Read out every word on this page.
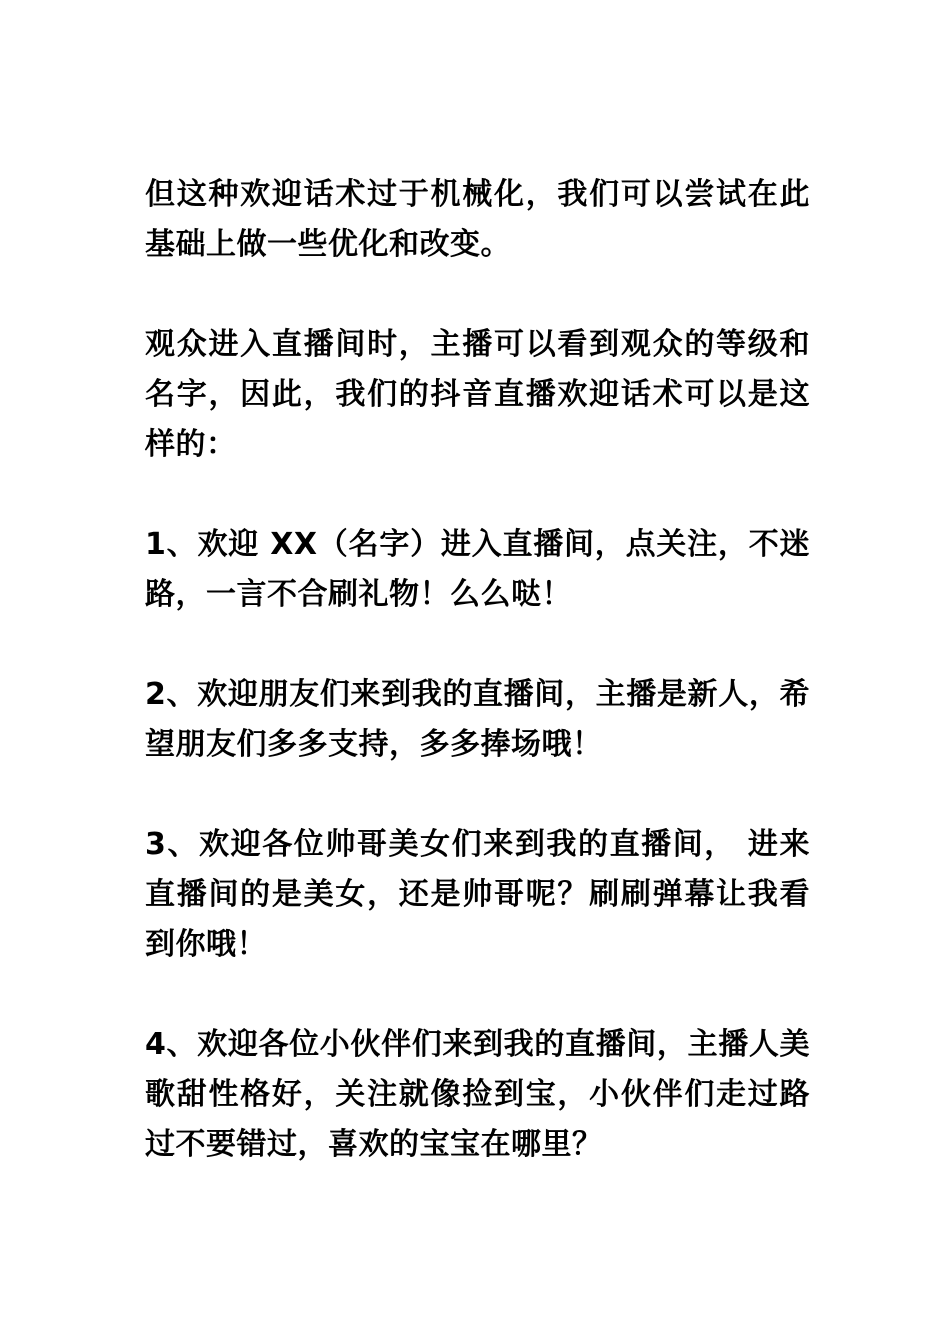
但这种欢迎话术过于机械化，我们可以尝试在此基础上做一些优化和改变。

观众进入直播间时，主播可以看到观众的等级和名字，因此，我们的抖音直播欢迎话术可以是这样的：

1、欢迎 XX（名字）进入直播间，点关注，不迷路，一言不合刷礼物！么么哒！

2、欢迎朋友们来到我的直播间，主播是新人，希望朋友们多多支持，多多捧场哦！

3、欢迎各位帅哥美女们来到我的直播间， 进来直播间的是美女，还是帅哥呢？刷刷弹幕让我看到你哦！

4、欢迎各位小伙伴们来到我的直播间，主播人美歌甜性格好，关注就像捡到宝，小伙伴们走过路过不要错过，喜欢的宝宝在哪里？
